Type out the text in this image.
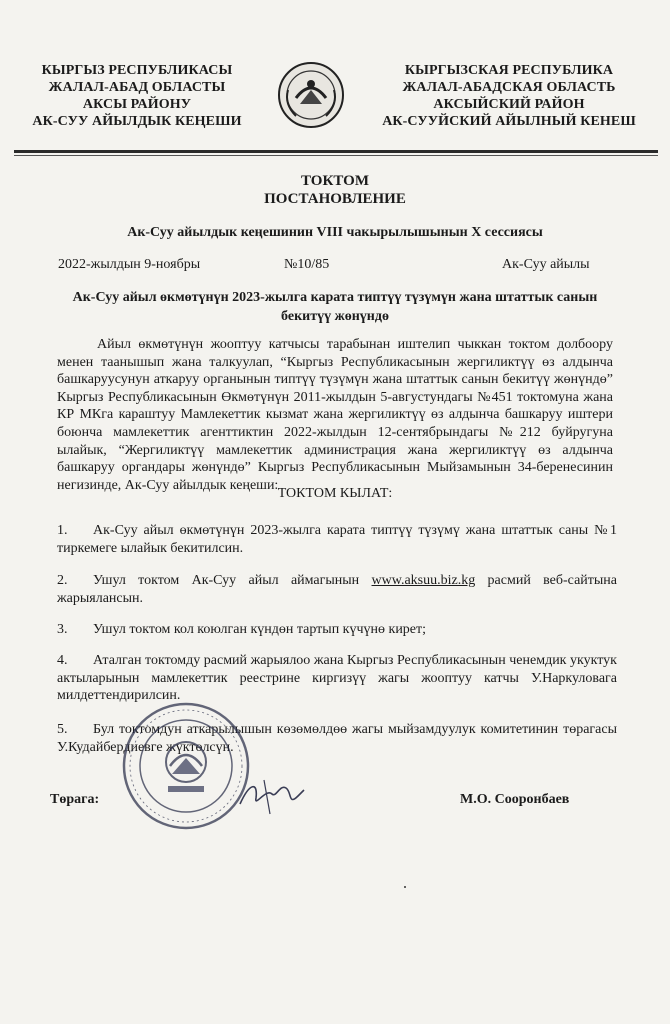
КЫРГЫЗ РЕСПУБЛИКАСЫ
ЖАЛАЛ-АБАД ОБЛАСТЫ
АКСЫ РАЙОНУ
АК-СУУ АЙЫЛДЫК КЕҢЕШИ
КЫРГЫЗСКАЯ РЕСПУБЛИКА
ЖАЛАЛ-АБАДСКАЯ ОБЛАСТЬ
АКСЫЙСКИЙ РАЙОН
АК-СУУЙСКИЙ АЙЫЛНЫЙ КЕНЕШ
ТОКТОМ
ПОСТАНОВЛЕНИЕ
Ак-Суу айылдык кеңешинин VIII чакырылышынын Х сессиясы
2022-жылдын 9-ноябры	№10/85	Ак-Суу айылы
Ак-Суу айыл өкмөтүнүн 2023-жылга карата типтүү түзүмүн жана штаттык санын бекитүү жөнүндө
Айыл өкмөтүнүн жооптуу катчысы тарабынан иштелип чыккан токтом долбоору менен таанышып жана талкуулап, “Кыргыз Республикасынын жергиликтүү өз алдынча башкаруусунун аткаруу органынын типтүү түзүмүн жана штаттык санын бекитүү жөнүндө” Кыргыз Республикасынын Өкмөтүнүн 2011-жылдын 5-августундагы №451 токтомуна жана КР МКга караштуу Мамлекеттик кызмат жана жергиликтүү өз алдынча башкаруу иштери боюнча мамлекеттик агенттиктин 2022-жылдын 12-сентябрындагы №212 буйругуна ылайык, “Жергиликтүү мамлекеттик администрация жана жергиликтүү өз алдынча башкаруу органдары жөнүндө” Кыргыз Республикасынын Мыйзамынын 34-беренесинин негизинде, Ак-Суу айылдык кеңеши:
ТОКТОМ КЫЛАТ:
1. Ак-Суу айыл өкмөтүнүн 2023-жылга карата типтүү түзүмү жана штаттык саны №1 тиркемеге ылайык бекитилсин.
2. Ушул токтом Ак-Суу айыл аймагынын www.aksuu.biz.kg расмий веб-сайтына жарыялансын.
3. Ушул токтом кол коюлган күндөн тартып күчүнө кирет;
4. Аталган токтомду расмий жарыялоо жана Кыргыз Республикасынын ченемдик укуктук актыларынын мамлекеттик реестрине киргизүү жагы жооптуу катчы У.Наркуловага милдеттендирилсин.
5. Бул токтомдун аткарылышын көзөмөлдөө жагы мыйзамдуулук комитетинин төрагасы У.Кудайбердиевге жүктөлсүн.
Төрага:	М.О. Сооронбаев
